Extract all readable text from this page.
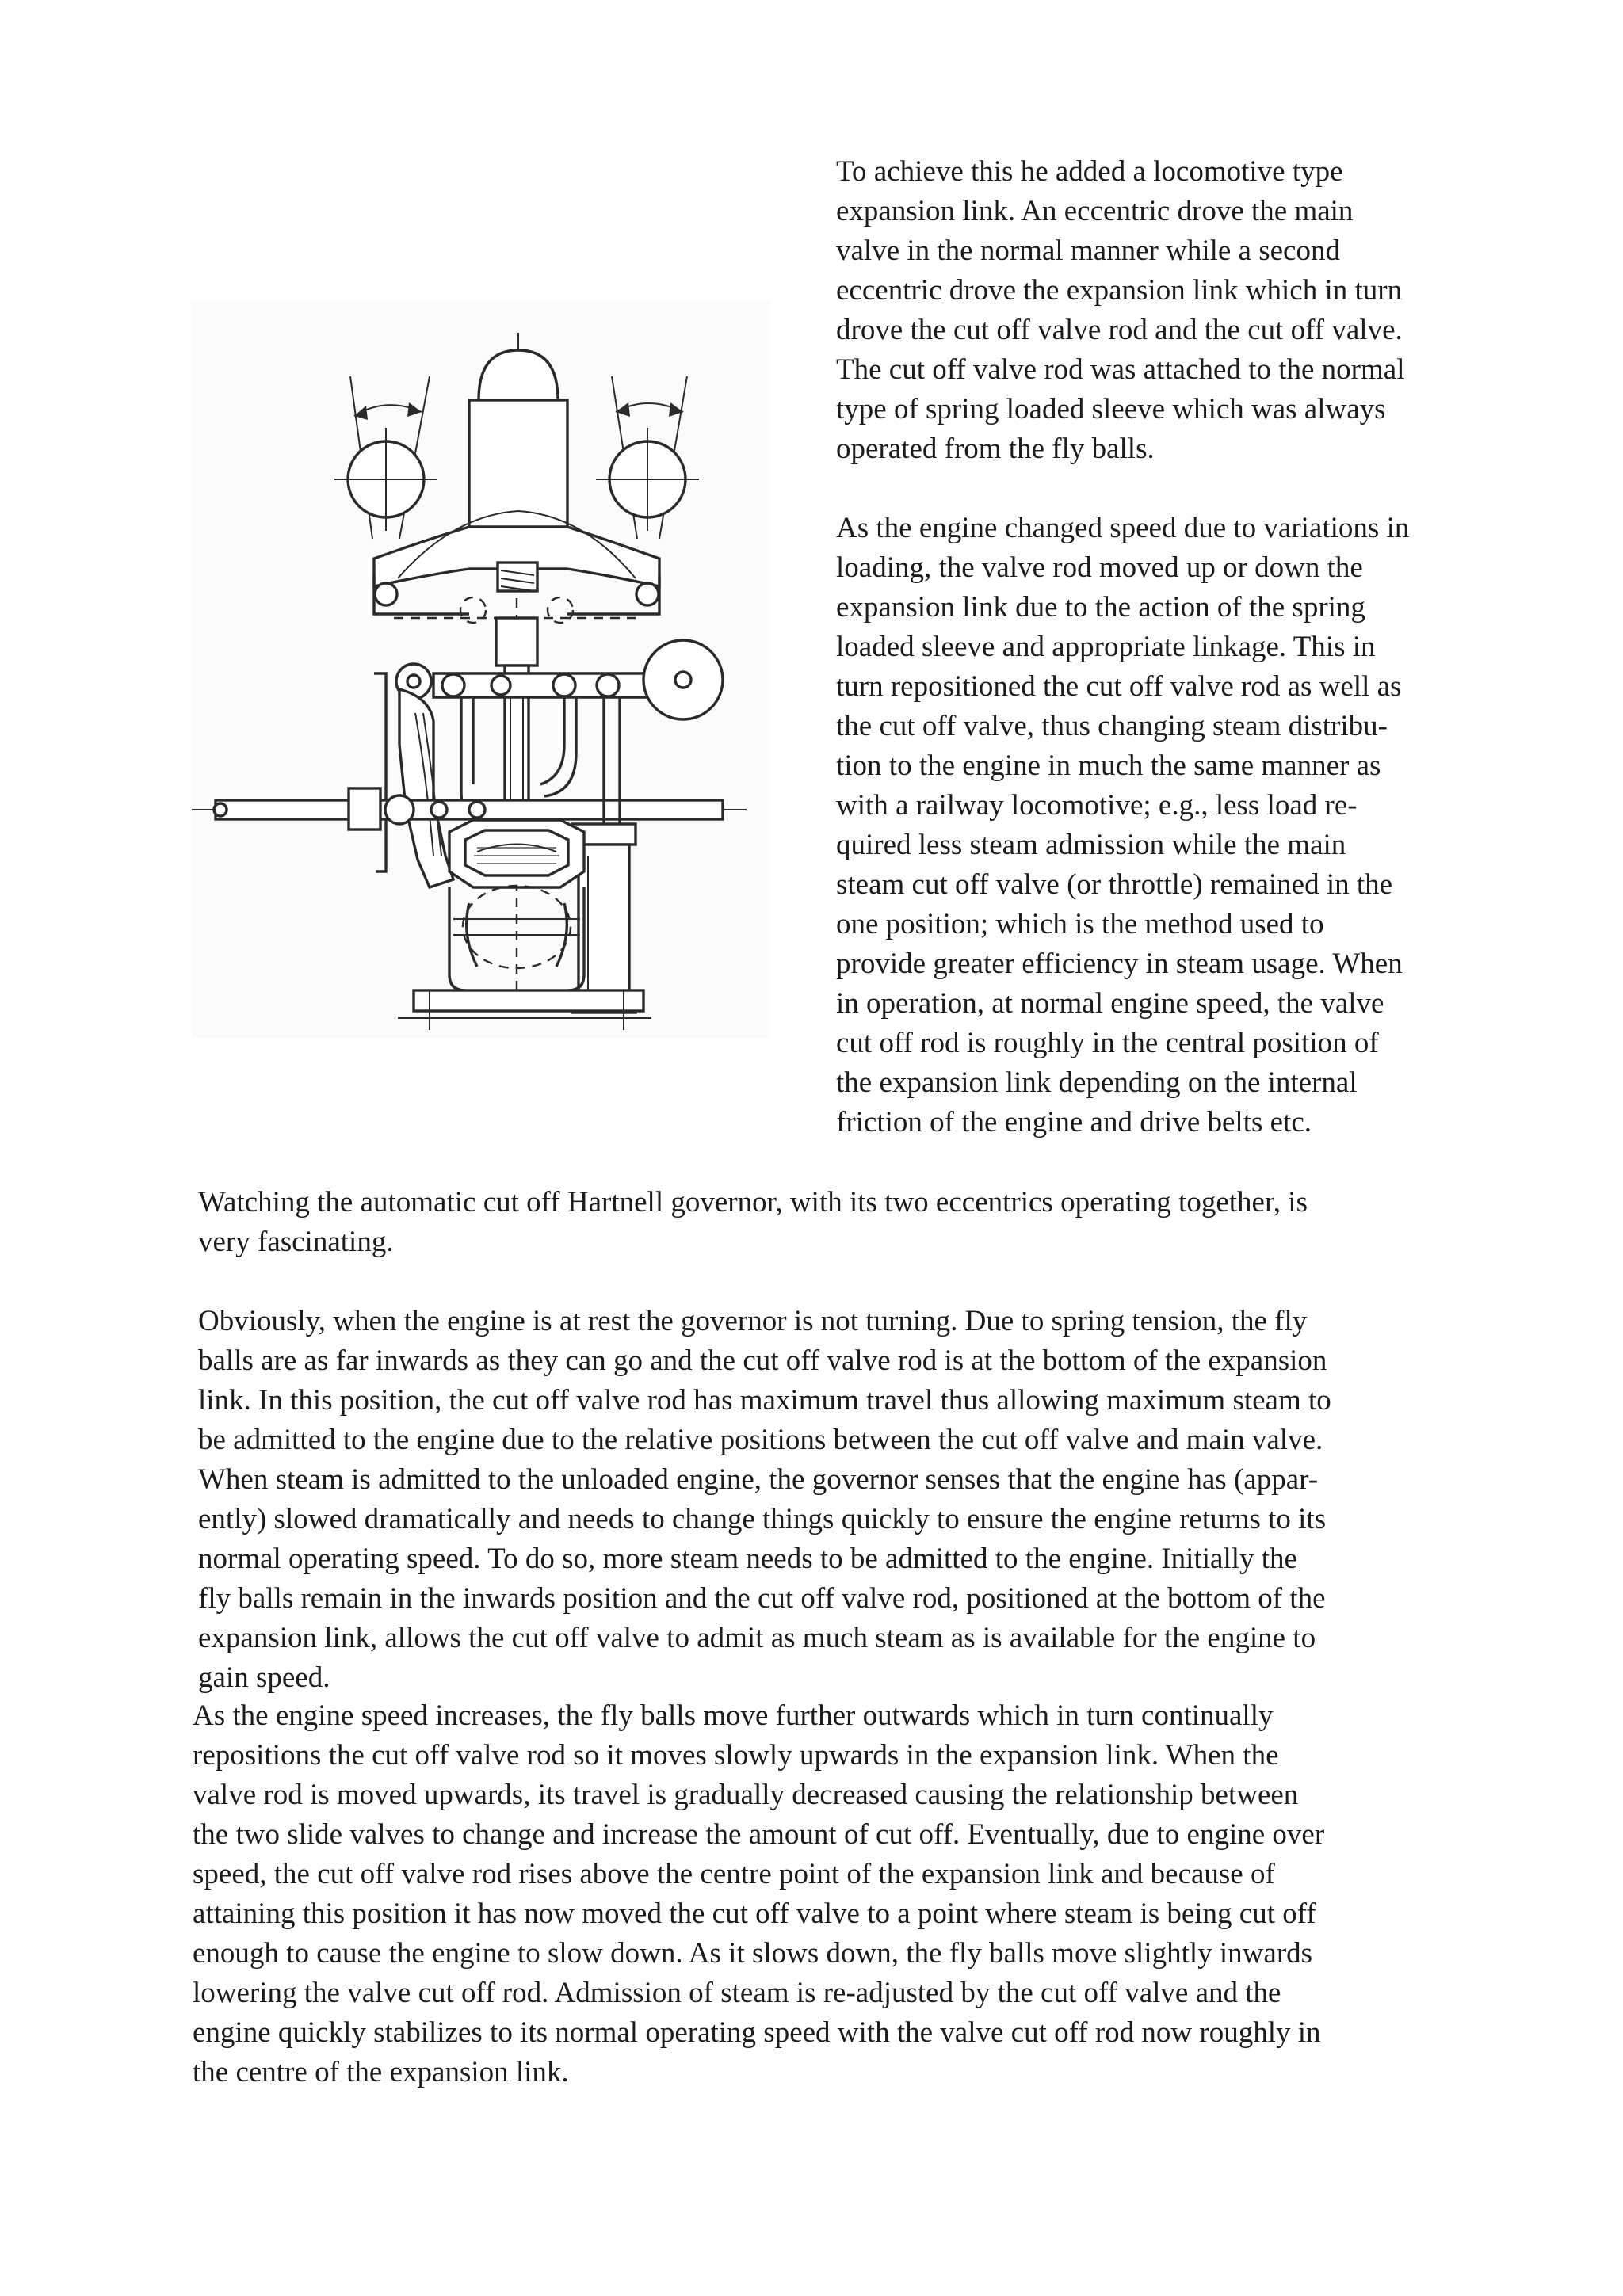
To achieve this he added a locomotive type
expansion link. An eccentric drove the main
valve in the normal manner while a second
eccentric drove the expansion link which in turn
drove the cut off valve rod and the cut off valve.
The cut off valve rod was attached to the normal
type of spring loaded sleeve which was always
operated from the fly balls.

As the engine changed speed due to variations in
loading, the valve rod moved up or down the
expansion link due to the action of the spring
loaded sleeve and appropriate linkage. This in
turn repositioned the cut off valve rod as well as
the cut off valve, thus changing steam distribu-
tion to the engine in much the same manner as
with a railway locomotive; e.g., less load re-
quired less steam admission while the main
steam cut off valve (or throttle) remained in the
one position; which is the method used to
provide greater efficiency in steam usage. When
in operation, at normal engine speed, the valve
cut off rod is roughly in the central position of
the expansion link depending on the internal
friction of the engine and drive belts etc.

Watching the automatic cut off Hartnell governor, with its two eccentrics operating together, is
very fascinating.

Obviously, when the engine is at rest the governor is not turning. Due to spring tension, the fly
balls are as far inwards as they can go and the cut off valve rod is at the bottom of the expansion
link. In this position, the cut off valve rod has maximum travel thus allowing maximum steam to
be admitted to the engine due to the relative positions between the cut off valve and main valve.
When steam is admitted to the unloaded engine, the governor senses that the engine has (appar-
ently) slowed dramatically and needs to change things quickly to ensure the engine returns to its
normal operating speed. To do so, more steam needs to be admitted to the engine. Initially the
fly balls remain in the inwards position and the cut off valve rod, positioned at the bottom of the
expansion link, allows the cut off valve to admit as much steam as is available for the engine to
gain speed.

As the engine speed increases, the fly balls move further outwards which in turn continually
repositions the cut off valve rod so it moves slowly upwards in the expansion link. When the
valve rod is moved upwards, its travel is gradually decreased causing the relationship between
the two slide valves to change and increase the amount of cut off. Eventually, due to engine over
speed, the cut off valve rod rises above the centre point of the expansion link and because of
attaining this position it has now moved the cut off valve to a point where steam is being cut off
enough to cause the engine to slow down. As it slows down, the fly balls move slightly inwards
lowering the valve cut off rod. Admission of steam is re-adjusted by the cut off valve and the
engine quickly stabilizes to its normal operating speed with the valve cut off rod now roughly in
the centre of the expansion link.
